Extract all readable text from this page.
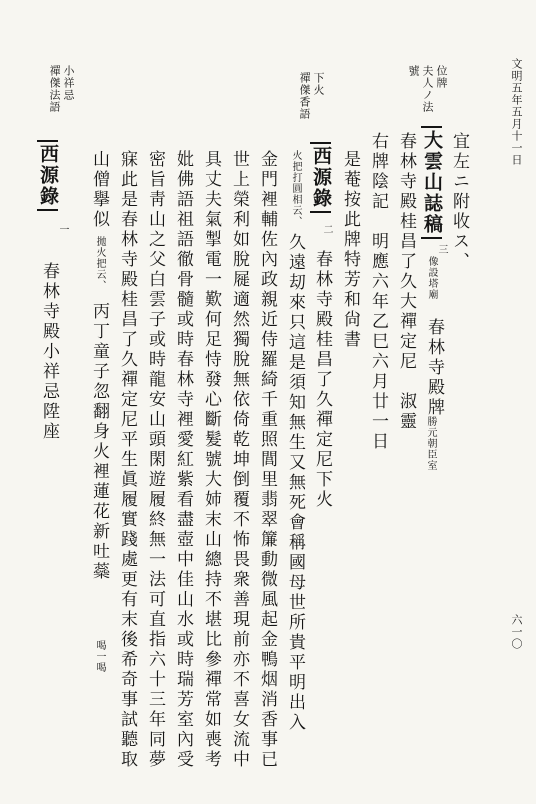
文明五年五月十一日
六一〇
位牌
夫人ノ法
號
小祥忌
禪傑法語	下火
禪傑香語
宜左ニ附收ス、
大雲山誌稿
三
像設塔廟
春林寺殿牌
勝元朝臣室
春林寺殿桂昌了久大禪定尼　淑靈
右牌陰記　明應六年乙巳六月廿一日
是菴按此牌特芳和尙書
西源錄
二
春林寺殿桂昌了久禪定尼下火
火把打圓相云、
久遠刧來只這是須知無生又無死會稱國母世所貴平明出入
金門裡輔佐內政親近侍羅綺千重照閭里翡翠簾動微風起金鴨烟消香事已
世上榮利如脫屣適然獨脫無依倚乾坤倒覆不怖畏衆善現前亦不喜女流中
具丈夫氣掣電一歎何足恃發心斷髮號大姉末山總持不堪比參禪常如喪考
妣佛語祖語徹骨髓或時春林寺裡愛紅紫看盡壺中佳山水或時瑞芳室內受
密旨靑山之父白雲子或時龍安山頭閑遊履終無一法可直指六十三年同夢
寐此是春林寺殿桂昌了久禪定尼平生眞履實踐處更有末後希奇事試聽取
山僧擧似
拋火把云、
丙丁童子忽翻身火裡蓮花新吐蘂
喝一喝
西源錄
一
春林寺殿小祥忌陞座
